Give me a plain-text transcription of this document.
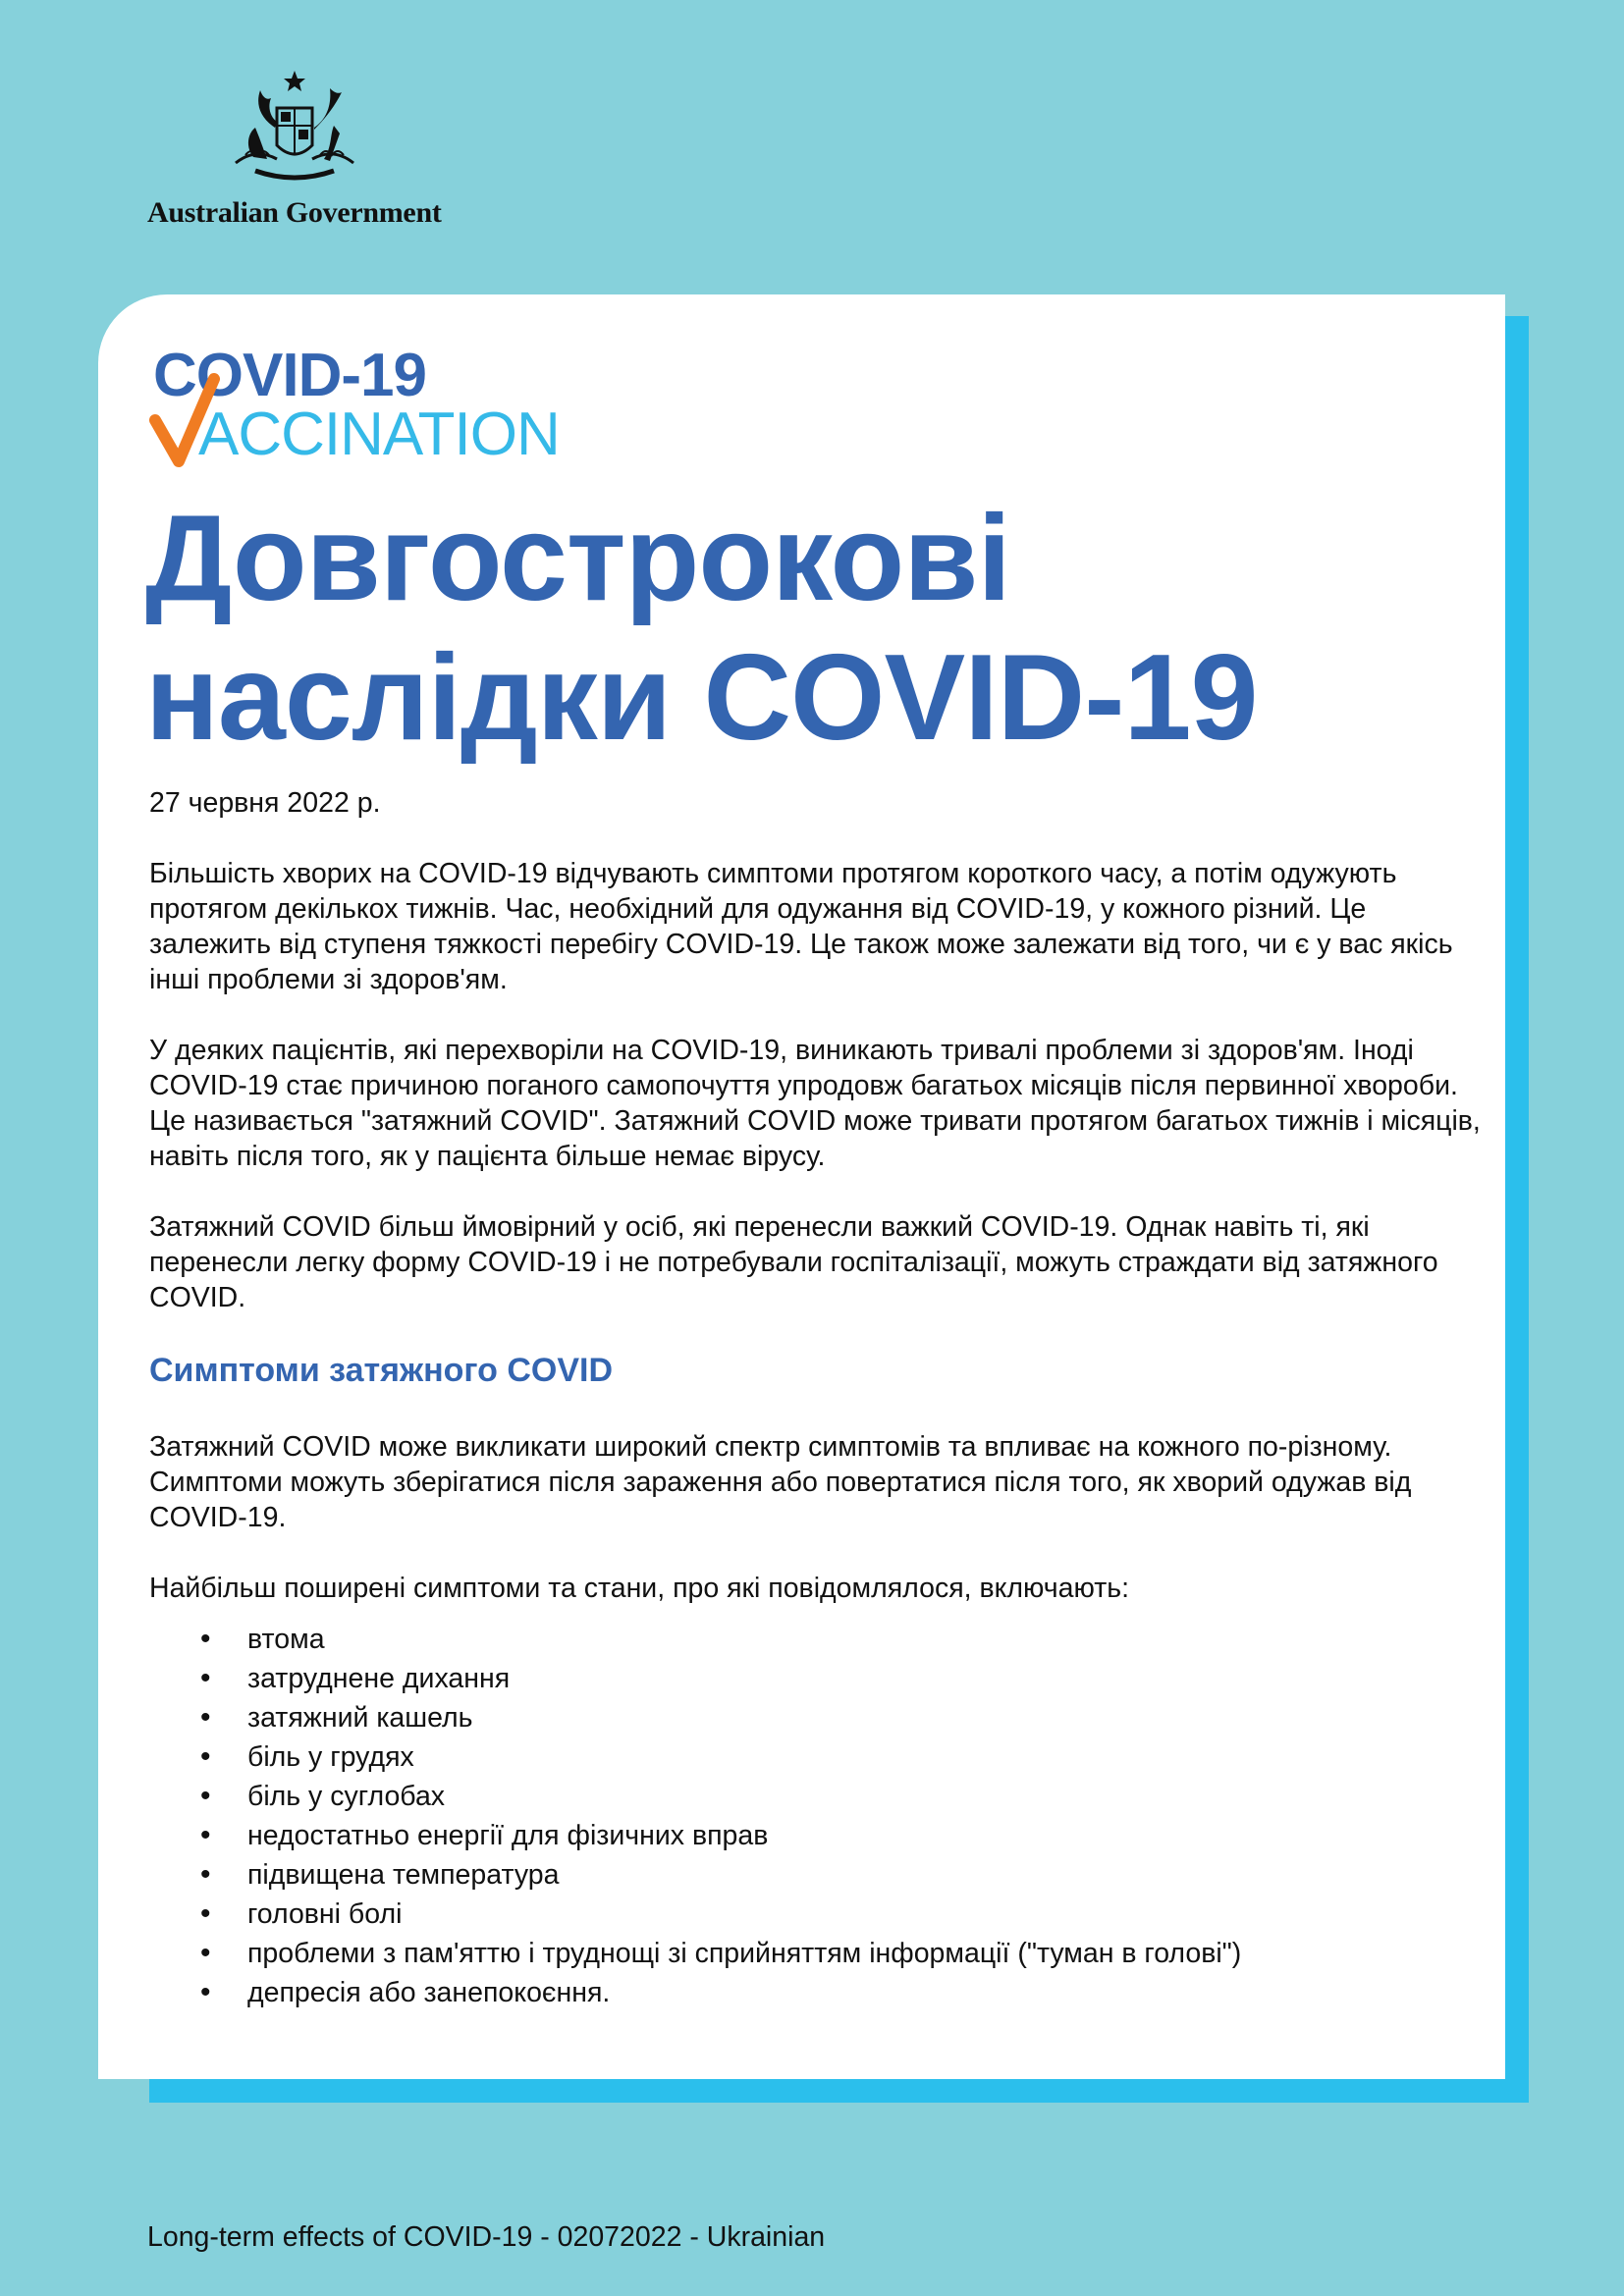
Australian Government
COVID-19
ACCINATION
Довгострокові наслідки COVID-19

27 червня 2022 р.

Більшість хворих на COVID-19 відчувають симптоми протягом короткого часу, а потім одужують протягом декількох тижнів. Час, необхідний для одужання від COVID-19, у кожного різний. Це залежить від ступеня тяжкості перебігу COVID-19. Це також може залежати від того, чи є у вас якісь інші проблеми зі здоров'ям.

У деяких пацієнтів, які перехворіли на COVID-19, виникають тривалі проблеми зі здоров'ям. Іноді COVID-19 стає причиною поганого самопочуття упродовж багатьох місяців після первинної хвороби. Це називається "затяжний COVID". Затяжний COVID може тривати протягом багатьох тижнів і місяців, навіть після того, як у пацієнта більше немає вірусу.

Затяжний COVID більш ймовірний у осіб, які перенесли важкий COVID-19. Однак навіть ті, які перенесли легку форму COVID-19 і не потребували госпіталізації, можуть страждати від затяжного COVID.

Симптоми затяжного COVID

Затяжний COVID може викликати широкий спектр симптомів та впливає на кожного по-різному. Симптоми можуть зберігатися після зараження або повертатися після того, як хворий одужав від COVID-19.

Найбільш поширені симптоми та стани, про які повідомлялося, включають:

• втома
• затруднене дихання
• затяжний кашель
• біль у грудях
• біль у суглобах
• недостатньо енергії для фізичних вправ
• підвищена температура
• головні болі
• проблеми з пам'яттю і труднощі зі сприйняттям інформації ("туман в голові")
• депресія або занепокоєння.
Long-term effects of COVID-19 - 02072022 - Ukrainian
